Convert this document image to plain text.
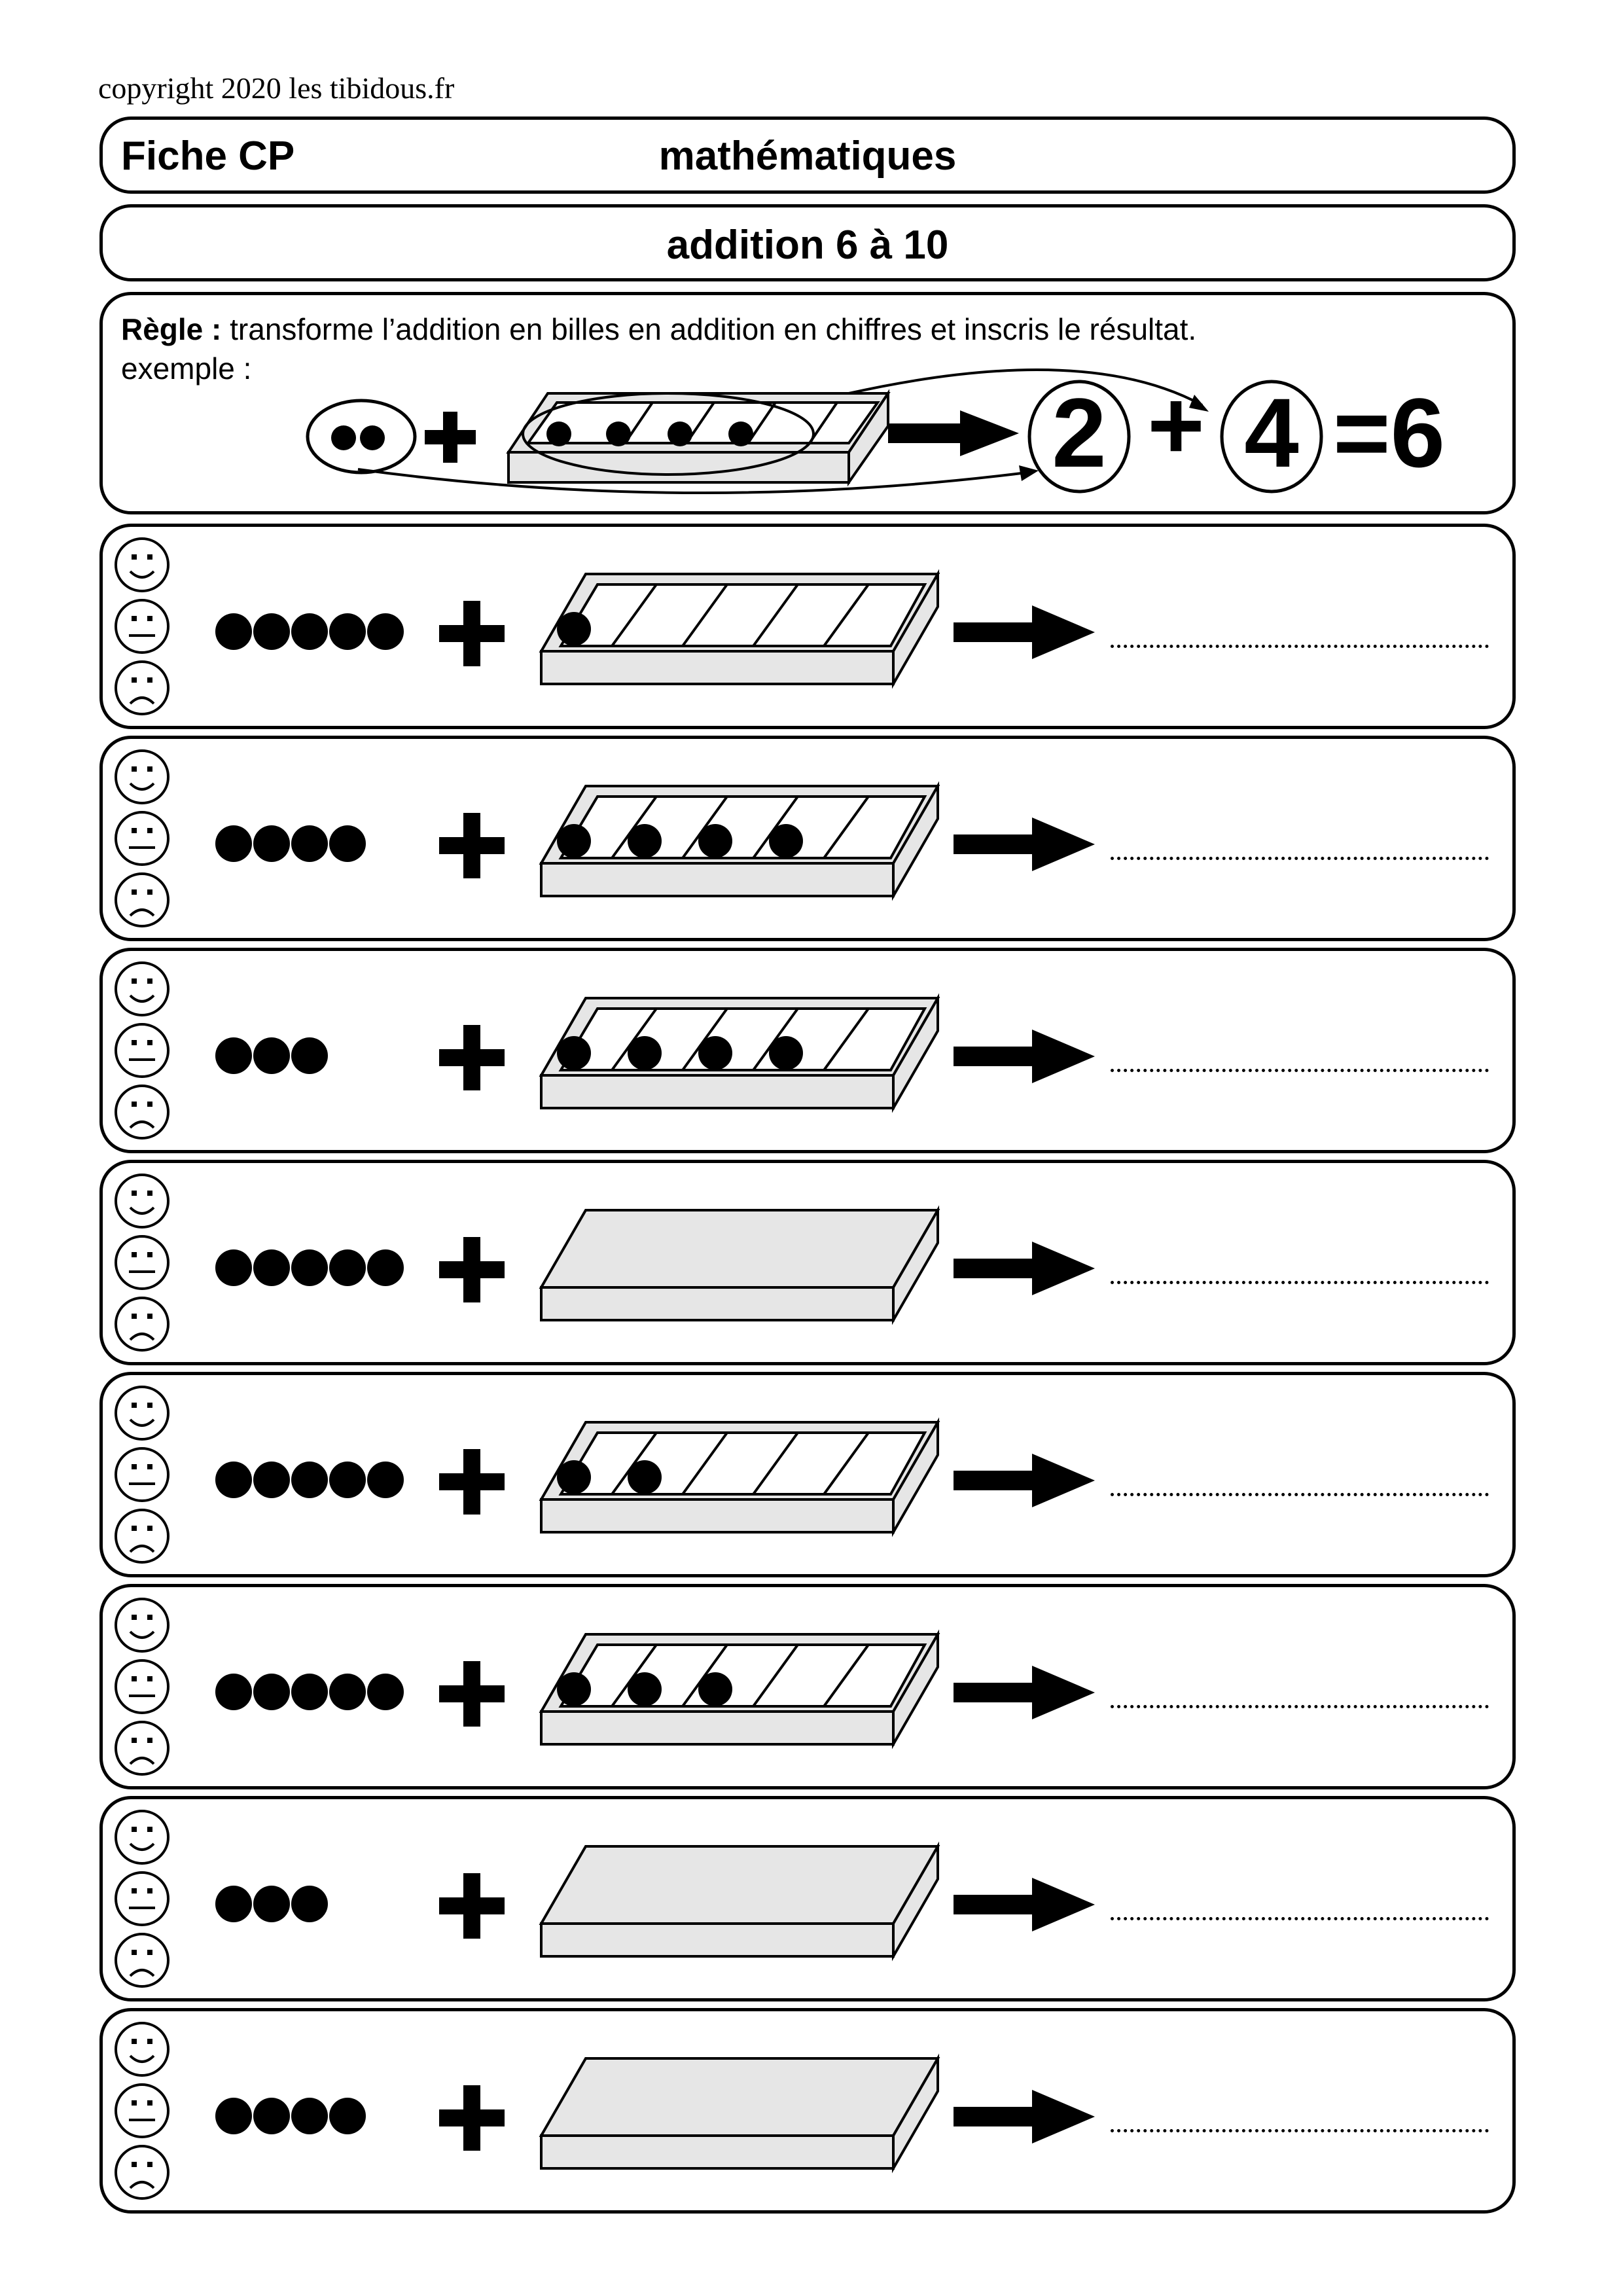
copyright 2020 les tibidous.fr
Fiche CP	mathématiques
addition 6 à 10
Règle : transforme l’addition en billes en addition en chiffres et inscris le résultat.
exemple :
2 + 4 =6
